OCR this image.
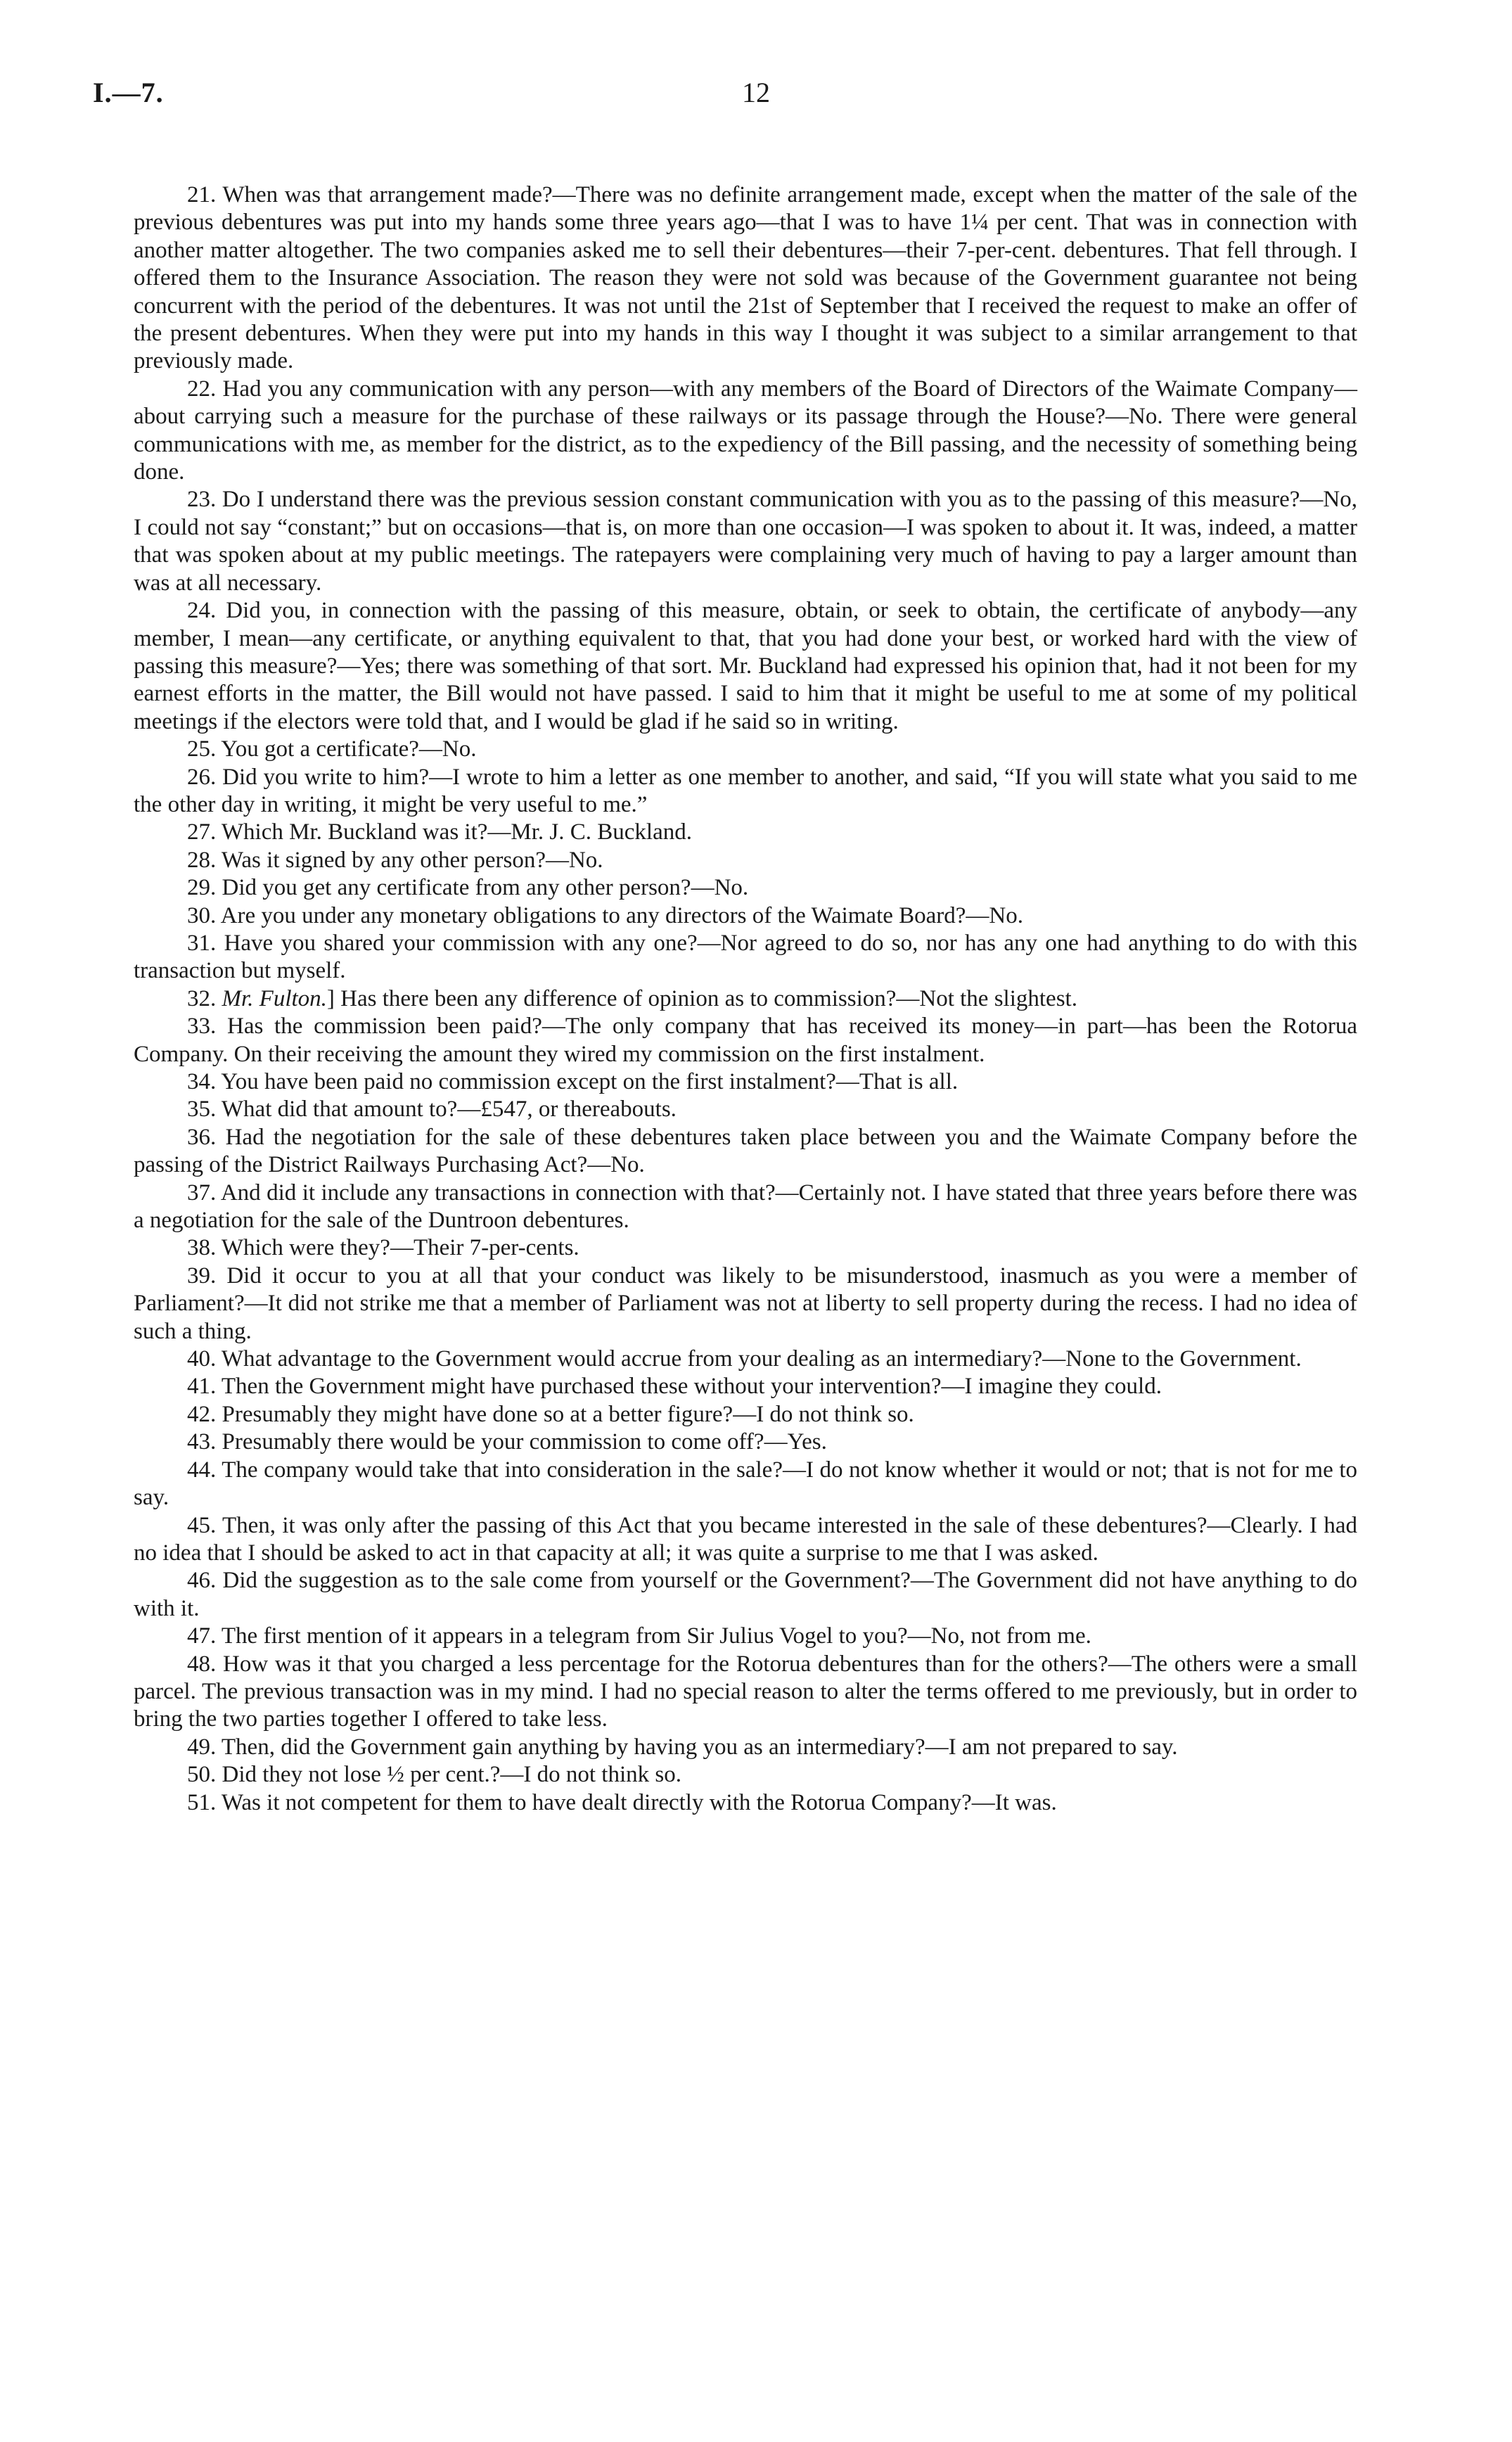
I.—7.	12

21. When was that arrangement made?—There was no definite arrangement made, except when the matter of the sale of the previous debentures was put into my hands some three years ago—that I was to have 1¼ per cent. That was in connection with another matter altogether. The two companies asked me to sell their debentures—their 7-per-cent. debentures. That fell through. I offered them to the Insurance Association. The reason they were not sold was because of the Government guarantee not being concurrent with the period of the debentures. It was not until the 21st of September that I received the request to make an offer of the present debentures. When they were put into my hands in this way I thought it was subject to a similar arrangement to that previously made.

22. Had you any communication with any person—with any members of the Board of Directors of the Waimate Company—about carrying such a measure for the purchase of these railways or its passage through the House?—No. There were general communications with me, as member for the district, as to the expediency of the Bill passing, and the necessity of something being done.

23. Do I understand there was the previous session constant communication with you as to the passing of this measure?—No, I could not say “constant;” but on occasions—that is, on more than one occasion—I was spoken to about it. It was, indeed, a matter that was spoken about at my public meetings. The ratepayers were complaining very much of having to pay a larger amount than was at all necessary.

24. Did you, in connection with the passing of this measure, obtain, or seek to obtain, the certificate of anybody—any member, I mean—any certificate, or anything equivalent to that, that you had done your best, or worked hard with the view of passing this measure?—Yes; there was something of that sort. Mr. Buckland had expressed his opinion that, had it not been for my earnest efforts in the matter, the Bill would not have passed. I said to him that it might be useful to me at some of my political meetings if the electors were told that, and I would be glad if he said so in writing.

25. You got a certificate?—No.

26. Did you write to him?—I wrote to him a letter as one member to another, and said, “If you will state what you said to me the other day in writing, it might be very useful to me.”

27. Which Mr. Buckland was it?—Mr. J. C. Buckland.

28. Was it signed by any other person?—No.

29. Did you get any certificate from any other person?—No.

30. Are you under any monetary obligations to any directors of the Waimate Board?—No.

31. Have you shared your commission with any one?—Nor agreed to do so, nor has any one had anything to do with this transaction but myself.

32. Mr. Fulton.] Has there been any difference of opinion as to commission?—Not the slightest.

33. Has the commission been paid?—The only company that has received its money—in part—has been the Rotorua Company. On their receiving the amount they wired my commission on the first instalment.

34. You have been paid no commission except on the first instalment?—That is all.

35. What did that amount to?—£547, or thereabouts.

36. Had the negotiation for the sale of these debentures taken place between you and the Waimate Company before the passing of the District Railways Purchasing Act?—No.

37. And did it include any transactions in connection with that?—Certainly not. I have stated that three years before there was a negotiation for the sale of the Duntroon debentures.

38. Which were they?—Their 7-per-cents.

39. Did it occur to you at all that your conduct was likely to be misunderstood, inasmuch as you were a member of Parliament?—It did not strike me that a member of Parliament was not at liberty to sell property during the recess. I had no idea of such a thing.

40. What advantage to the Government would accrue from your dealing as an intermediary?—None to the Government.

41. Then the Government might have purchased these without your intervention?—I imagine they could.

42. Presumably they might have done so at a better figure?—I do not think so.

43. Presumably there would be your commission to come off?—Yes.

44. The company would take that into consideration in the sale?—I do not know whether it would or not; that is not for me to say.

45. Then, it was only after the passing of this Act that you became interested in the sale of these debentures?—Clearly. I had no idea that I should be asked to act in that capacity at all; it was quite a surprise to me that I was asked.

46. Did the suggestion as to the sale come from yourself or the Government?—The Government did not have anything to do with it.

47. The first mention of it appears in a telegram from Sir Julius Vogel to you?—No, not from me.

48. How was it that you charged a less percentage for the Rotorua debentures than for the others?—The others were a small parcel. The previous transaction was in my mind. I had no special reason to alter the terms offered to me previously, but in order to bring the two parties together I offered to take less.

49. Then, did the Government gain anything by having you as an intermediary?—I am not prepared to say.

50. Did they not lose ½ per cent.?—I do not think so.

51. Was it not competent for them to have dealt directly with the Rotorua Company?—It was.
